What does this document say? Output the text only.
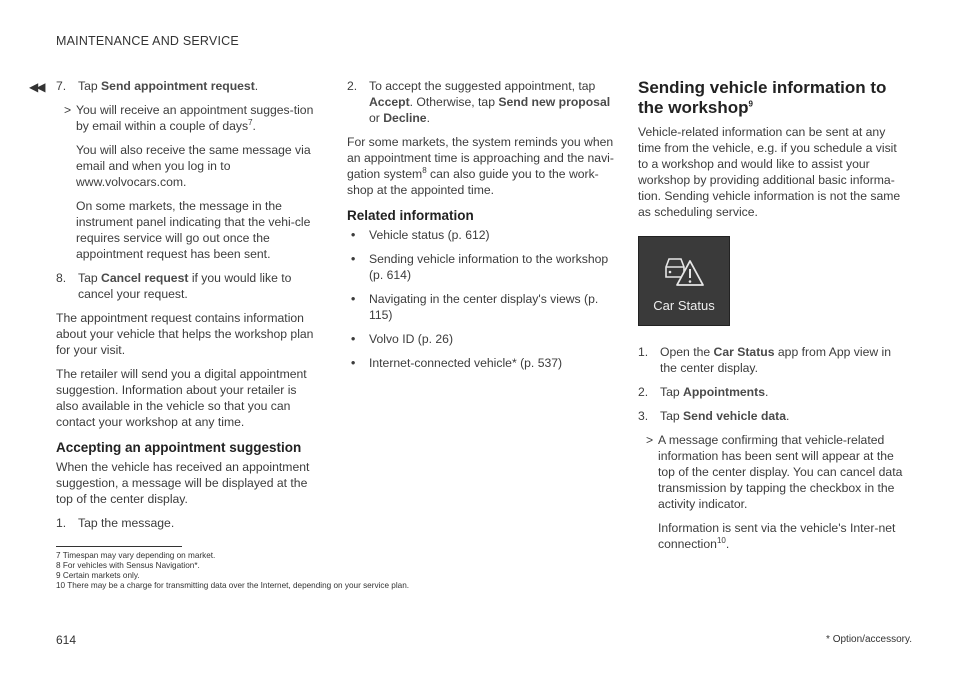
MAINTENANCE AND SERVICE
◀◀ 7. Tap Send appointment request.
> You will receive an appointment sugges-tion by email within a couple of days$^7$.

You will also receive the same message via email and when you log in to www.volvocars.com.

On some markets, the message in the instrument panel indicating that the vehi-cle requires service will go out once the appointment request has been sent.

8. Tap Cancel request if you would like to cancel your request.

The appointment request contains information about your vehicle that helps the workshop plan for your visit.

The retailer will send you a digital appointment suggestion. Information about your retailer is also available in the vehicle so that you can contact your workshop at any time.

Accepting an appointment suggestion

When the vehicle has received an appointment suggestion, a message will be displayed at the top of the center display.

1. Tap the message.
2. To accept the suggested appointment, tap Accept. Otherwise, tap Send new proposal or Decline.

For some markets, the system reminds you when an appointment time is approaching and the navi-gation system$^8$ can also guide you to the work-shop at the appointed time.

Related information
• Vehicle status (p. 612)
• Sending vehicle information to the workshop (p. 614)
• Navigating in the center display's views (p. 115)
• Volvo ID (p. 26)
• Internet-connected vehicle* (p. 537)
Sending vehicle information to the workshop$^9$

Vehicle-related information can be sent at any time from the vehicle, e.g. if you schedule a visit to a workshop and would like to assist your workshop by providing additional basic informa-tion. Sending vehicle information is not the same as scheduling service.

Car Status
1. Open the Car Status app from App view in the center display.
2. Tap Appointments.
3. Tap Send vehicle data.
> A message confirming that vehicle-related information has been sent will appear at the top of the center display. You can cancel data transmission by tapping the checkbox in the activity indicator.

Information is sent via the vehicle's Inter-net connection$^{10}$.

7 Timespan may vary depending on market.
8 For vehicles with Sensus Navigation*.
9 Certain markets only.
10 There may be a charge for transmitting data over the Internet, depending on your service plan.
614	* Option/accessory.
